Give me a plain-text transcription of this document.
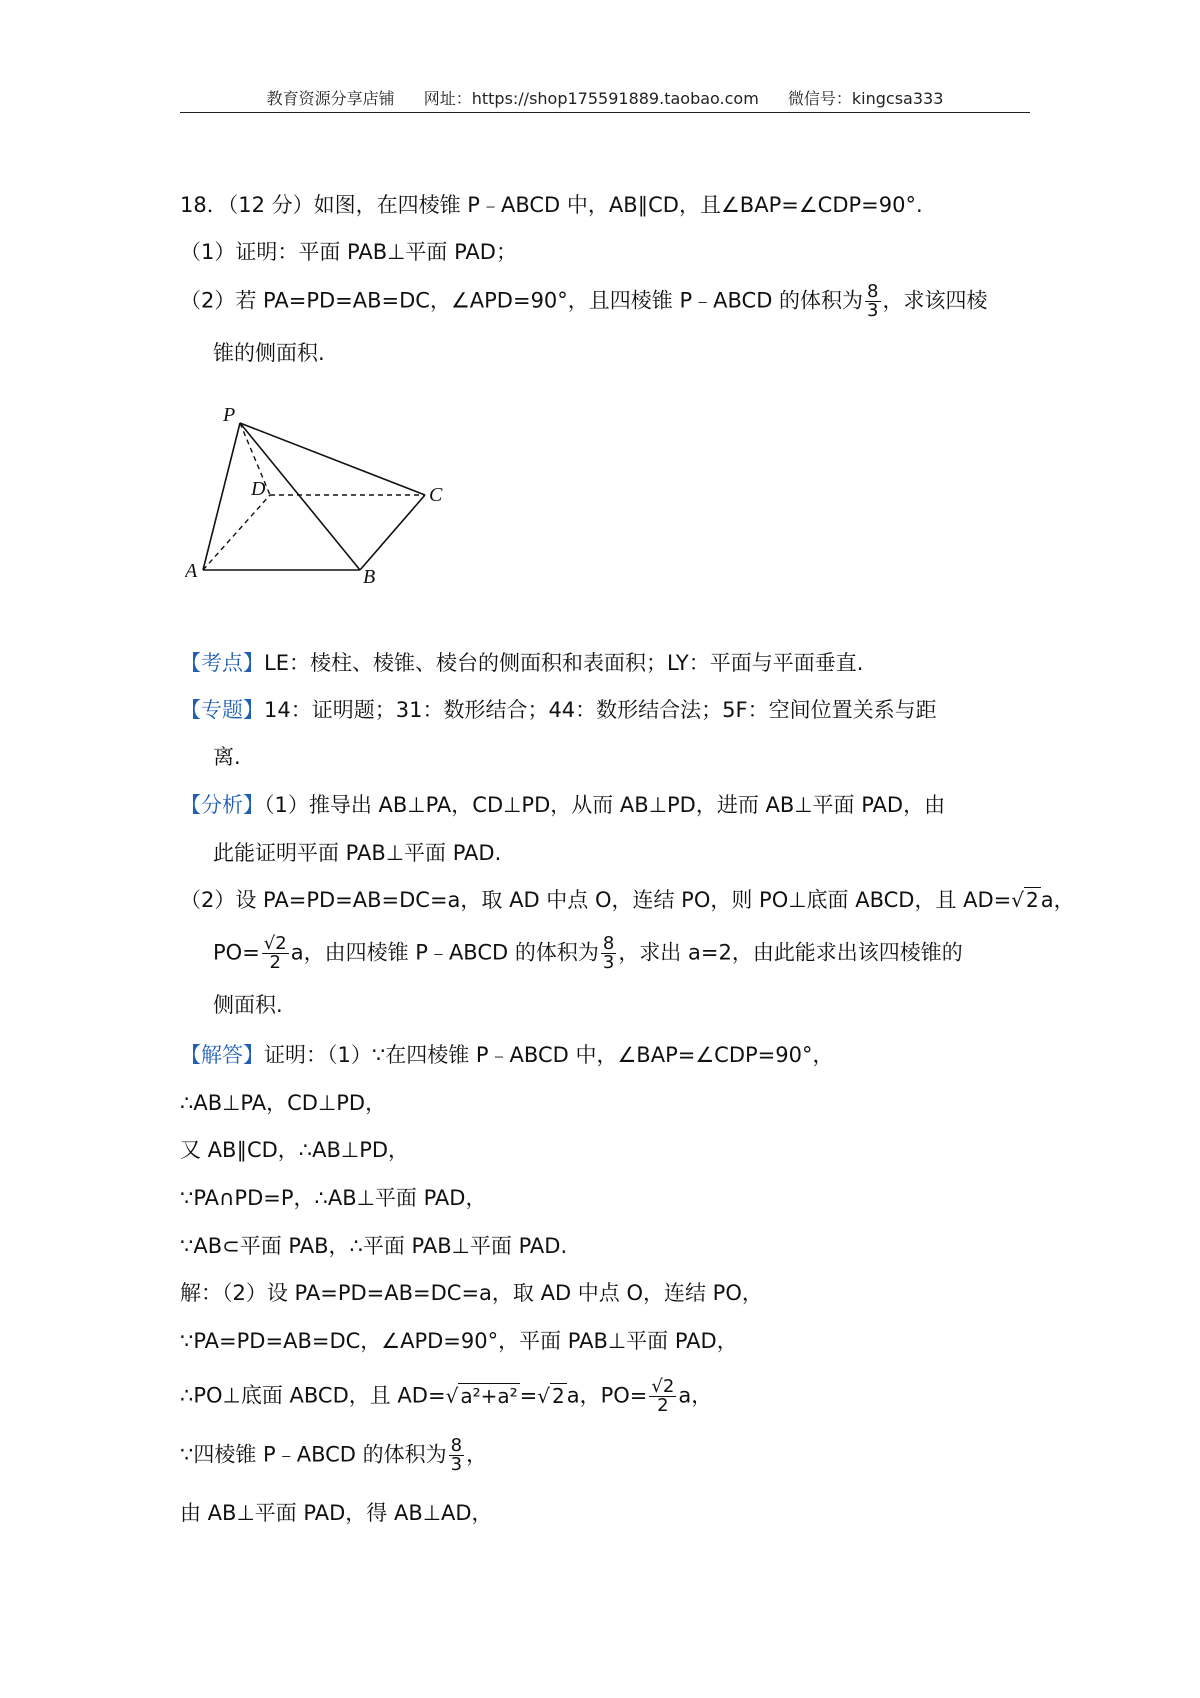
教育资源分享店铺 网址：https://shop175591889.taobao.com 微信号：kingcsa333
18．（12 分）如图，在四棱锥 P﹣ABCD 中，AB∥CD，且∠BAP=∠CDP=90°.
（1）证明：平面 PAB⊥平面 PAD；
（2）若 PA=PD=AB=DC，∠APD=90°，且四棱锥 P﹣ABCD 的体积为 $\frac{8}{3}$ ，求该四棱
锥的侧面积.
P
A	B
C
D
【考点】LE：棱柱、棱锥、棱台的侧面积和表面积；LY：平面与平面垂直.
【专题】14：证明题；31：数形结合；44：数形结合法；5F：空间位置关系与距
离.
【分析】（1）推导出 AB⊥PA，CD⊥PD，从而 AB⊥PD，进而 AB⊥平面 PAD，由
此能证明平面 PAB⊥平面 PAD.
（2）设 PA=PD=AB=DC=a，取 AD 中点 O，连结 PO，则 PO⊥底面 ABCD，且 AD=√ 2a，
$PO= \frac{√2}{2}$ a，由四棱锥 P﹣ABCD 的体积为 $\frac{8}{3}$ ，求出 a=2，由此能求出该四棱锥的
侧面积.
【解答】证明：（1）∵在四棱锥 P﹣ABCD 中，∠BAP=∠CDP=90°，
∴AB⊥PA，CD⊥PD，
又 AB∥CD，∴AB⊥PD，
∵PA∩PD=P，∴AB⊥平面 PAD，
∵AB⊂平面 PAB，∴平面 PAB⊥平面 PAD.
解：（2）设 PA=PD=AB=DC=a，取 AD 中点 O，连结 PO，
∵PA=PD=AB=DC，∠APD=90°，平面 PAB⊥平面 PAD，
∴PO⊥底面 ABCD，且 AD=√ a²+a²=√ 2a，$PO= \frac{√2}{2}$ a，
∵四棱锥 P﹣ABCD 的体积为 $\frac{8}{3}$ ，
由 AB⊥平面 PAD，得 AB⊥AD，
